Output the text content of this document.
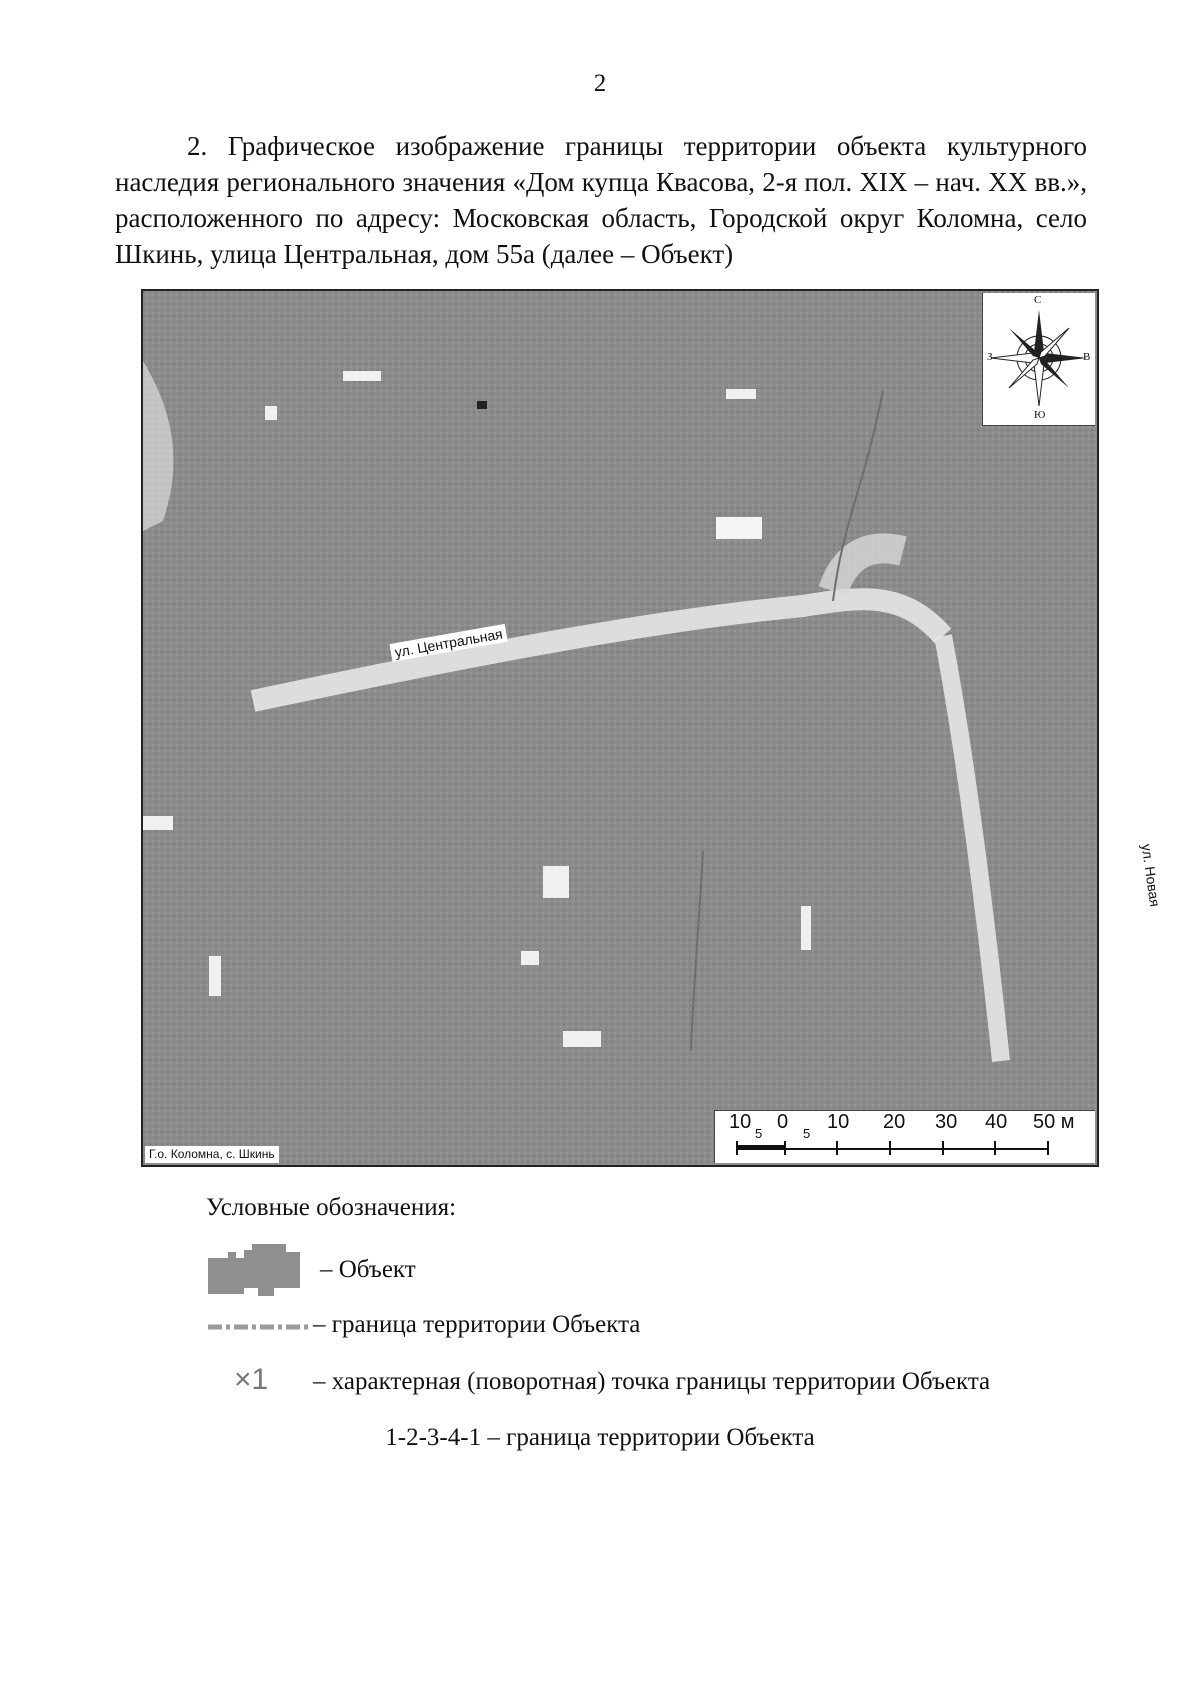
2
2. Графическое изображение границы территории объекта культурного наследия регионального значения «Дом купца Квасова, 2-я пол. XIX – нач. XX вв.», расположенного по адресу: Московская область, Городской округ Коломна, село Шкинь, улица Центральная, дом 55а (далее – Объект)
ул. Центральная
ул. Новая
С
Ю
З	В
Г.о. Коломна, с. Шкинь
10
5
0
5
10 20 30 40 50 м
Условные обозначения:
– Объект
– граница территории Объекта
×1 – характерная (поворотная) точка границы территории Объекта
1-2-3-4-1 – граница территории Объекта
